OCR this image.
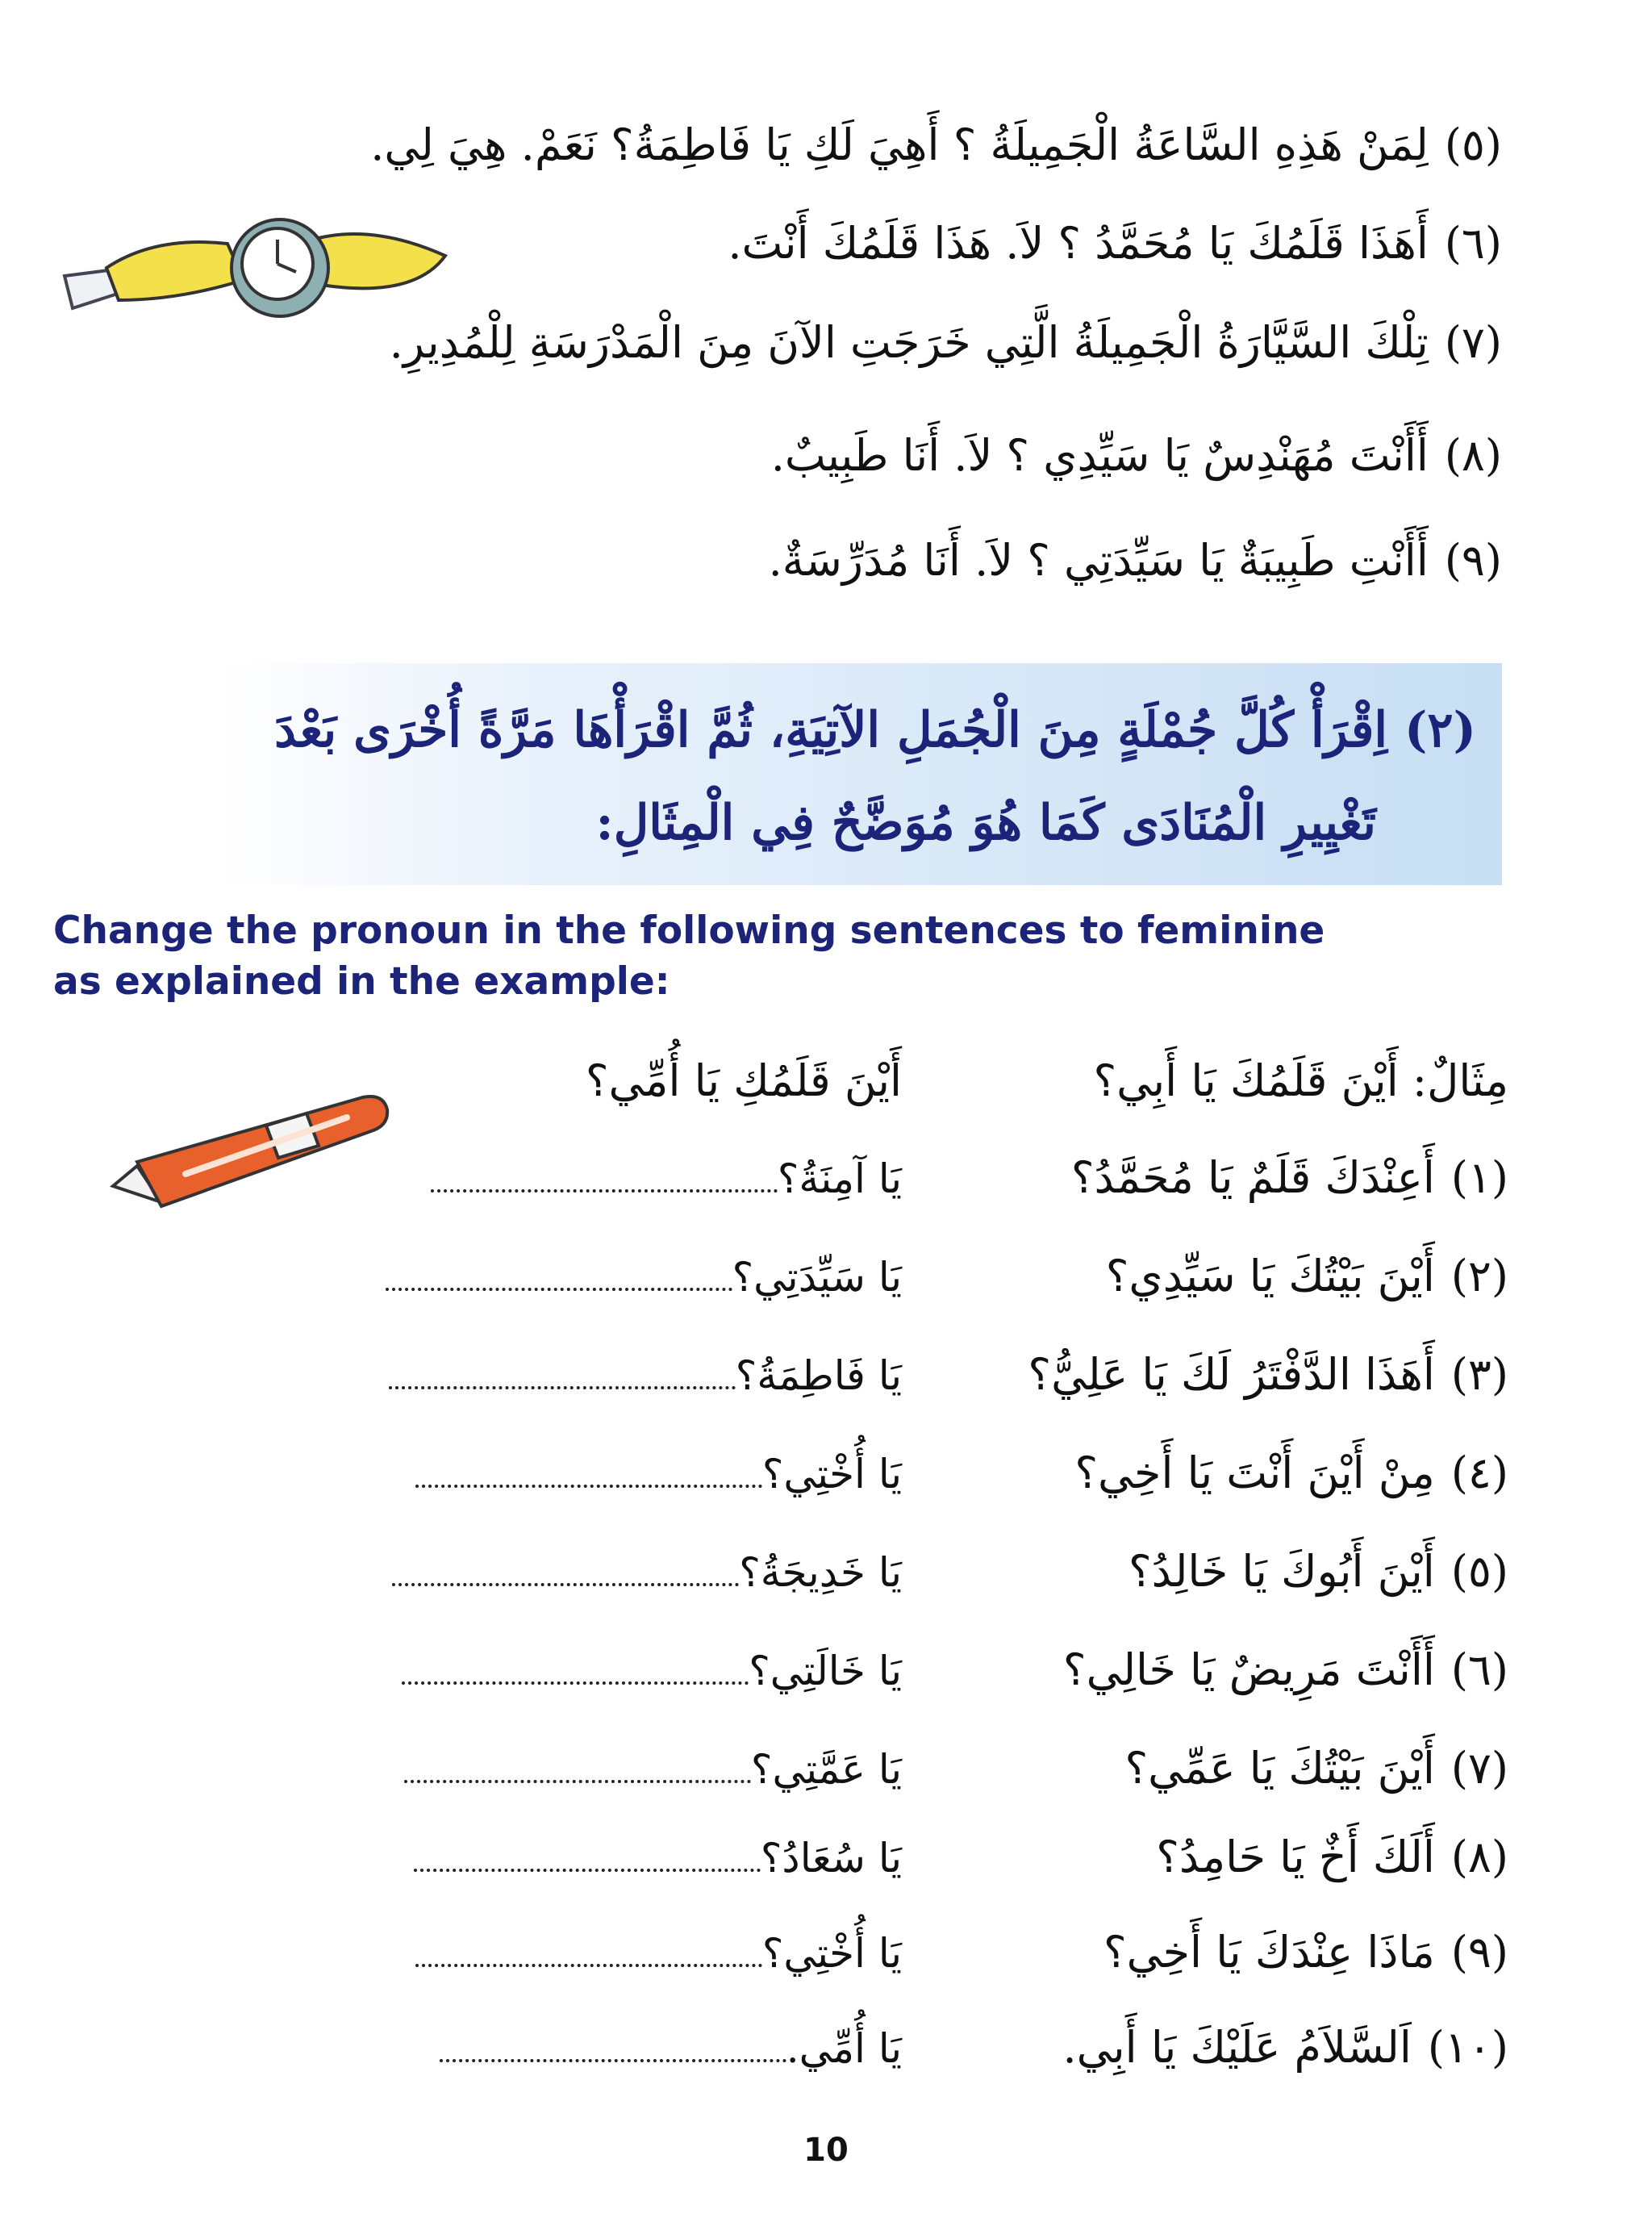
(٥)لِمَنْ هَذِهِ السَّاعَةُ الْجَمِيلَةُ ؟ أَهِيَ لَكِ يَا فَاطِمَةُ؟ نَعَمْ. هِيَ لِي.
(٦)أَهَذَا قَلَمُكَ يَا مُحَمَّدُ ؟ لاَ. هَذَا قَلَمُكَ أَنْتَ.
(٧)تِلْكَ السَّيَّارَةُ الْجَمِيلَةُ الَّتِي خَرَجَتِ الآنَ مِنَ الْمَدْرَسَةِ لِلْمُدِيرِ.
(٨)أَأَنْتَ مُهَنْدِسٌ يَا سَيِّدِي ؟ لاَ. أَنَا طَبِيبٌ.
(٩)أَأَنْتِ طَبِيبَةٌ يَا سَيِّدَتِي ؟ لاَ. أَنَا مُدَرِّسَةٌ.
(٢) اِقْرَأْ كُلَّ جُمْلَةٍ مِنَ الْجُمَلِ الآتِيَةِ، ثُمَّ اقْرَأْهَا مَرَّةً أُخْرَى بَعْدَ
تَغْيِيرِ الْمُنَادَى كَمَا هُوَ مُوَضَّحٌ فِي الْمِثَالِ:
Change the pronoun in the following sentences to feminine
as explained in the example:
مِثَالٌ: أَيْنَ قَلَمُكَ يَا أَبِي؟
أَيْنَ قَلَمُكِ يَا أُمِّي؟
(١)أَعِنْدَكَ قَلَمٌ يَا مُحَمَّدُ؟
يَا آمِنَةُ؟
(٢)أَيْنَ بَيْتُكَ يَا سَيِّدِي؟
يَا سَيِّدَتِي؟
(٣)أَهَذَا الدَّفْتَرُ لَكَ يَا عَلِيُّ؟
يَا فَاطِمَةُ؟
(٤)مِنْ أَيْنَ أَنْتَ يَا أَخِي؟
يَا أُخْتِي؟
(٥)أَيْنَ أَبُوكَ يَا خَالِدُ؟
يَا خَدِيجَةُ؟
(٦)أَأَنْتَ مَرِيضٌ يَا خَالِي؟
يَا خَالَتِي؟
(٧)أَيْنَ بَيْتُكَ يَا عَمِّي؟
يَا عَمَّتِي؟
(٨)أَلَكَ أَخٌ يَا حَامِدُ؟
يَا سُعَادُ؟
(٩)مَاذَا عِنْدَكَ يَا أَخِي؟
يَا أُخْتِي؟
(١٠)اَلسَّلاَمُ عَلَيْكَ يَا أَبِي.
يَا أُمِّي.
10
